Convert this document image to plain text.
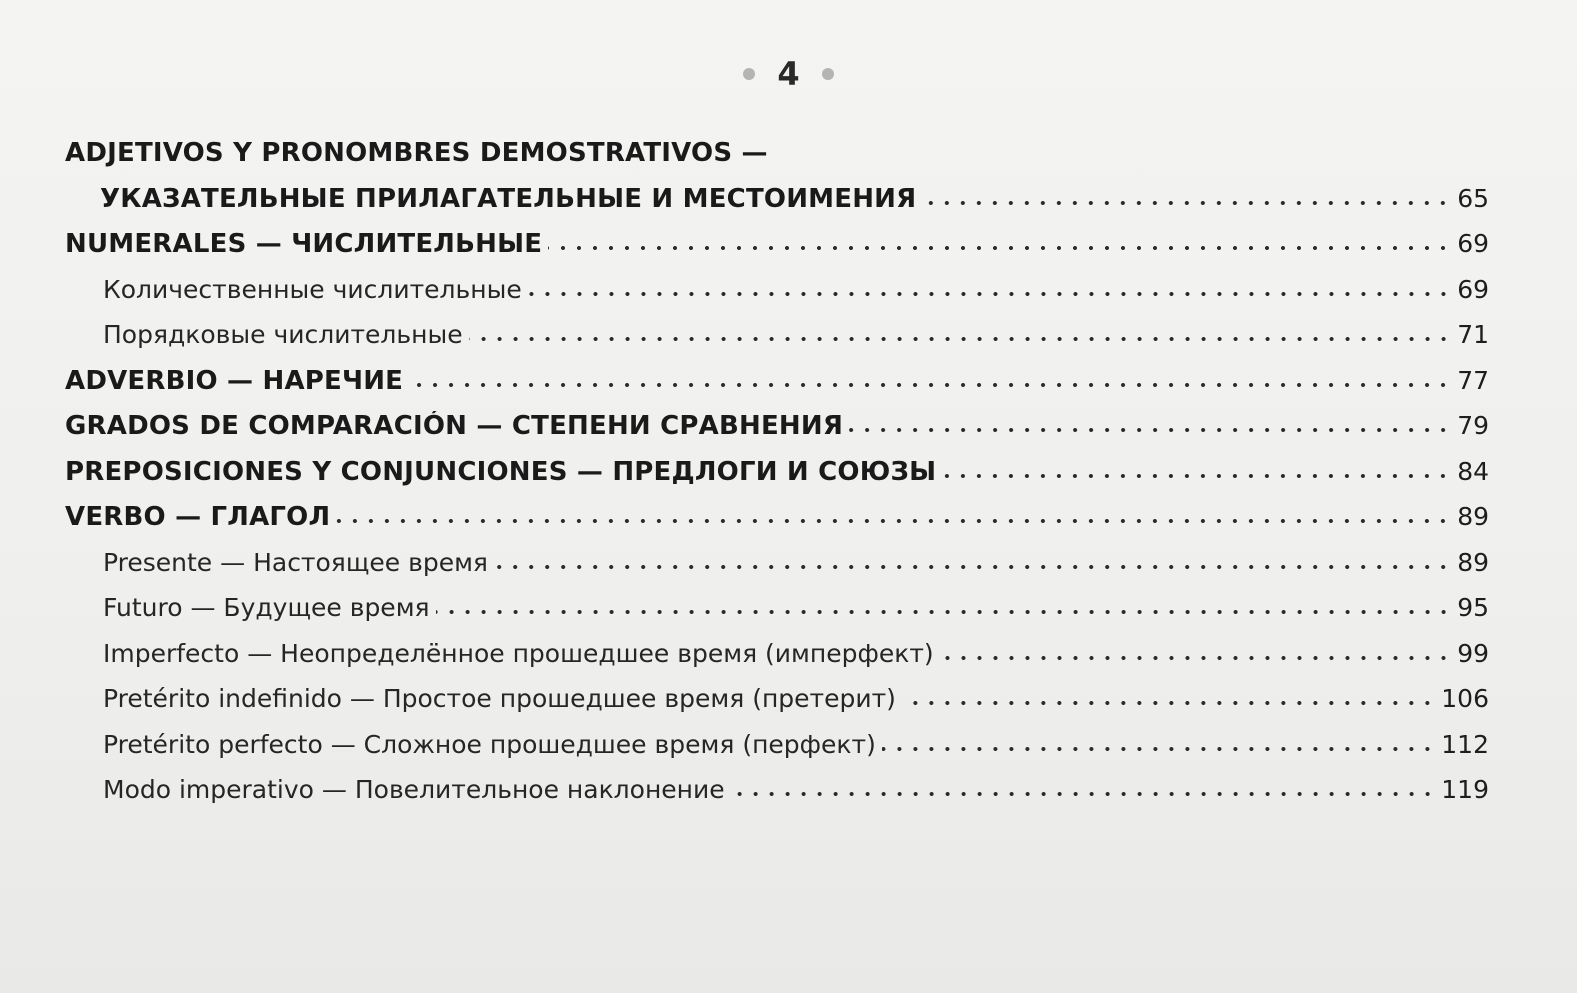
4
ADJETIVOS Y PRONOMBRES DEMOSTRATIVOS —
УКАЗАТЕЛЬНЫЕ ПРИЛАГАТЕЛЬНЫЕ И МЕСТОИМЕНИЯ	65
NUMERALES — ЧИСЛИТЕЛЬНЫЕ	69
Количественные числительные	69
Порядковые числительные	71
ADVERBIO — НАРЕЧИЕ	77
GRADOS DE COMPARACIÓN — СТЕПЕНИ СРАВНЕНИЯ	79
PREPOSICIONES Y CONJUNCIONES — ПРЕДЛОГИ И СОЮЗЫ	84
VERBO — ГЛАГОЛ	89
Presente — Настоящее время	89
Futuro — Будущее время	95
Imperfecto — Неопределённое прошедшее время (имперфект)	99
Pretérito indefinido — Простое прошедшее время (претерит)	106
Pretérito perfecto — Сложное прошедшее время (перфект)	112
Modo imperativo — Повелительное наклонение	119
